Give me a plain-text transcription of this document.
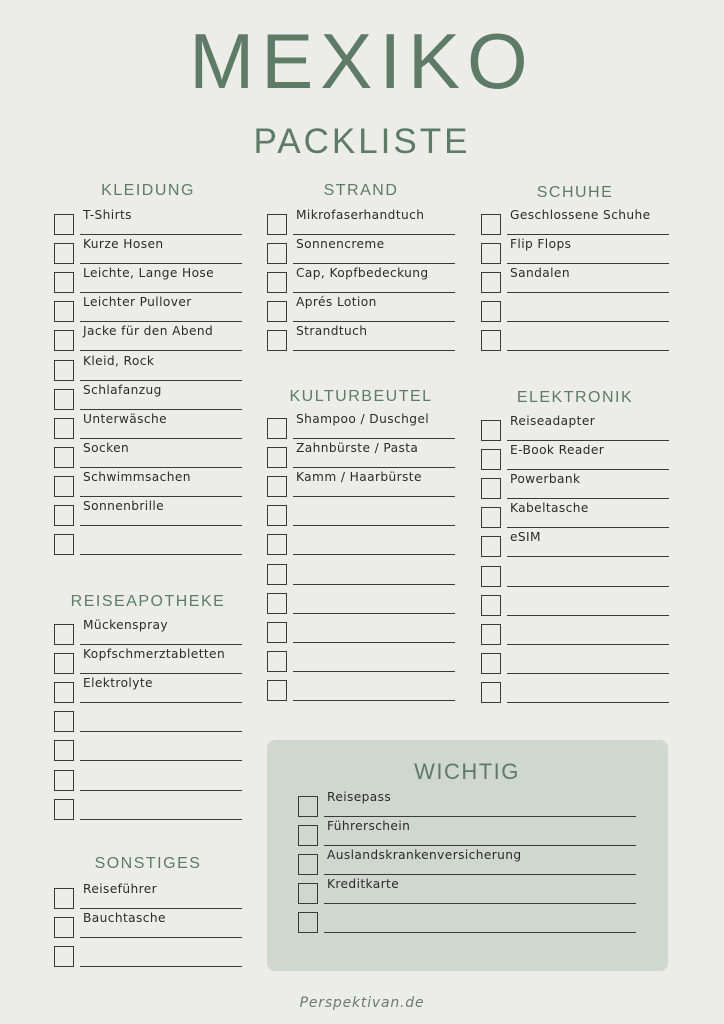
MEXIKO
PACKLISTE
KLEIDUNG
T-Shirts
Kurze Hosen
Leichte, Lange Hose
Leichter Pullover
Jacke für den Abend
Kleid, Rock
Schlafanzug
Unterwäsche
Socken
Schwimmsachen
Sonnenbrille
STRAND
Mikrofaserhandtuch
Sonnencreme
Cap, Kopfbedeckung
Aprés Lotion
Strandtuch
SCHUHE
Geschlossene Schuhe
Flip Flops
Sandalen
KULTURBEUTEL
Shampoo / Duschgel
Zahnbürste / Pasta
Kamm / Haarbürste
ELEKTRONIK
Reiseadapter
E-Book Reader
Powerbank
Kabeltasche
eSIM
REISEAPOTHEKE
Mückenspray
Kopfschmerztabletten
Elektrolyte
SONSTIGES
Reiseführer
Bauchtasche
WICHTIG
Reisepass
Führerschein
Auslandskrankenversicherung
Kreditkarte
Perspektivan.de
